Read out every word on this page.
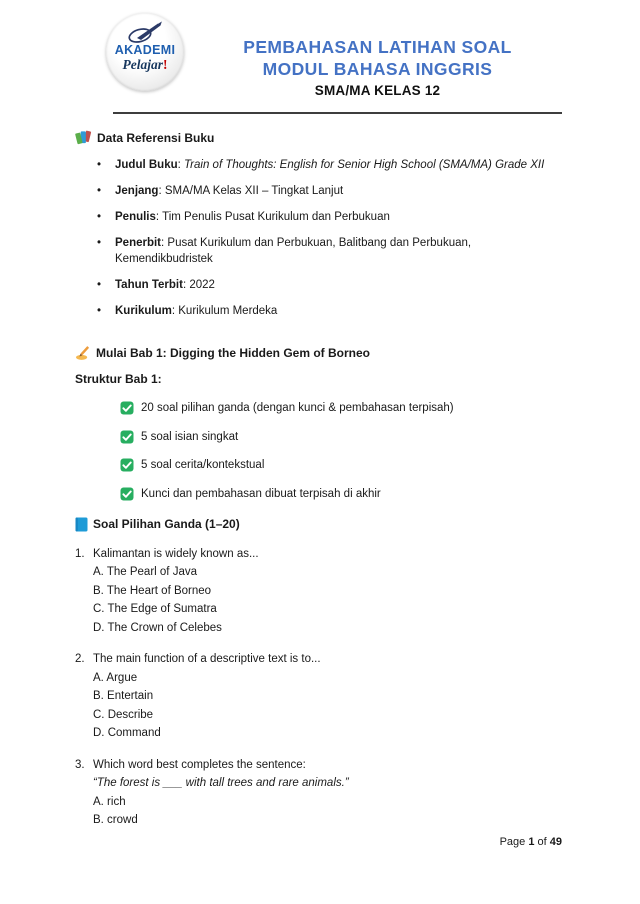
AKADEMI
Pelajar!
PEMBAHASAN LATIHAN SOAL
MODUL BAHASA INGGRIS
SMA/MA KELAS 12
Data Referensi Buku
•	Judul Buku: Train of Thoughts: English for Senior High School (SMA/MA) Grade XII
•	Jenjang: SMA/MA Kelas XII – Tingkat Lanjut
•	Penulis: Tim Penulis Pusat Kurikulum dan Perbukuan
•	Penerbit: Pusat Kurikulum dan Perbukuan, Balitbang dan Perbukuan,
Kemendikbudristek
•	Tahun Terbit: 2022
•	Kurikulum: Kurikulum Merdeka
Mulai Bab 1: Digging the Hidden Gem of Borneo
Struktur Bab 1:
20 soal pilihan ganda (dengan kunci & pembahasan terpisah)
5 soal isian singkat
5 soal cerita/kontekstual
Kunci dan pembahasan dibuat terpisah di akhir
Soal Pilihan Ganda (1–20)
1. Kalimantan is widely known as...
A. The Pearl of Java
B. The Heart of Borneo
C. The Edge of Sumatra
D. The Crown of Celebes
2. The main function of a descriptive text is to...
A. Argue
B. Entertain
C. Describe
D. Command
3. Which word best completes the sentence:
“The forest is ___ with tall trees and rare animals.”
A. rich
B. crowd
Page 1 of 49
